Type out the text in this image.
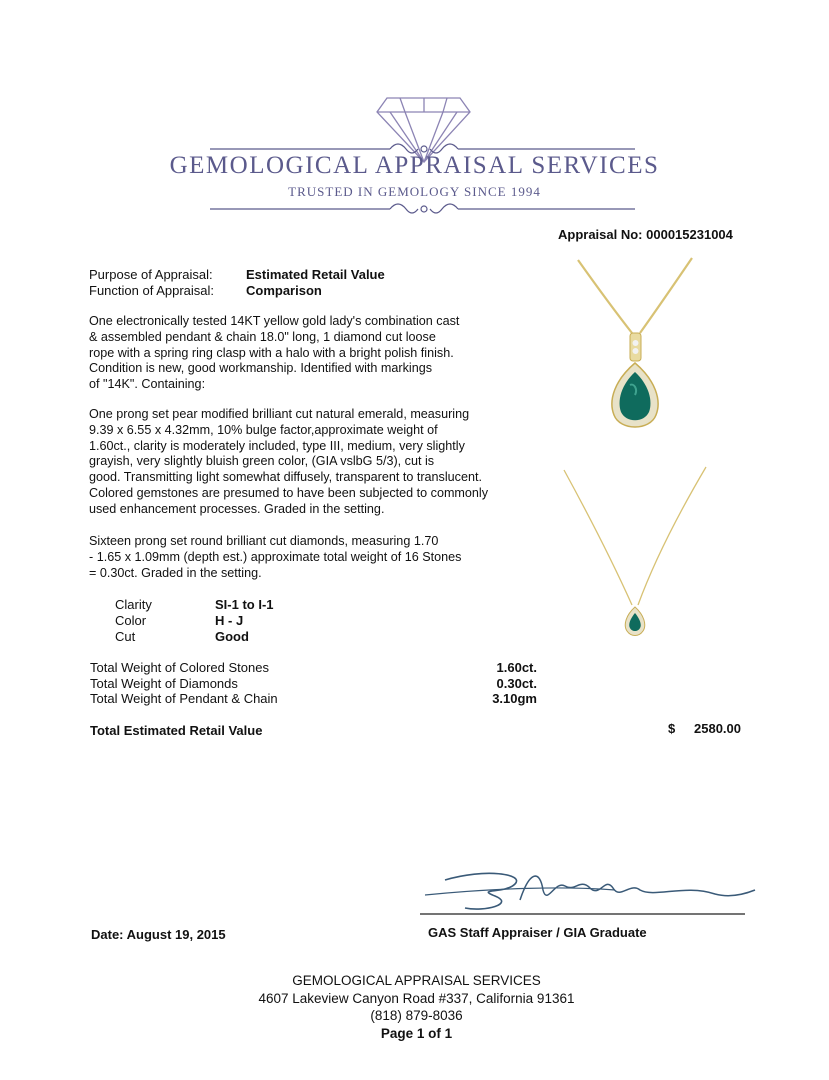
GEMOLOGICAL APPRAISAL SERVICES
TRUSTED IN GEMOLOGY SINCE 1994
Appraisal No: 000015231004
Purpose of Appraisal:	Estimated Retail Value
Function of Appraisal: Comparison
One electronically tested 14KT yellow gold lady's combination cast
& assembled pendant & chain 18.0" long, 1 diamond cut loose
rope with a spring ring clasp with a halo with a bright polish finish.
Condition is new, good workmanship. Identified with markings
of "14K". Containing:
One prong set pear modified brilliant cut natural emerald, measuring
9.39 x 6.55 x 4.32mm, 10% bulge factor,approximate weight of
1.60ct., clarity is moderately included, type III, medium, very slightly
grayish, very slightly bluish green color, (GIA vslbG 5/3), cut is
good. Transmitting light somewhat diffusely, transparent to translucent.
Colored gemstones are presumed to have been subjected to commonly
used enhancement processes. Graded in the setting.
Sixteen prong set round brilliant cut diamonds, measuring 1.70
- 1.65 x 1.09mm (depth est.) approximate total weight of 16 Stones
= 0.30ct. Graded in the setting.
Clarity	SI-1 to I-1
Color	H - J
Cut	Good
Total Weight of Colored Stones	1.60ct.
Total Weight of Diamonds	0.30ct.
Total Weight of Pendant & Chain	3.10gm
Total Estimated Retail Value	$	2580.00
Date: August 19, 2015	GAS Staff Appraiser / GIA Graduate
GEMOLOGICAL APPRAISAL SERVICES
4607 Lakeview Canyon Road #337, California 91361
(818) 879-8036
Page 1 of 1
